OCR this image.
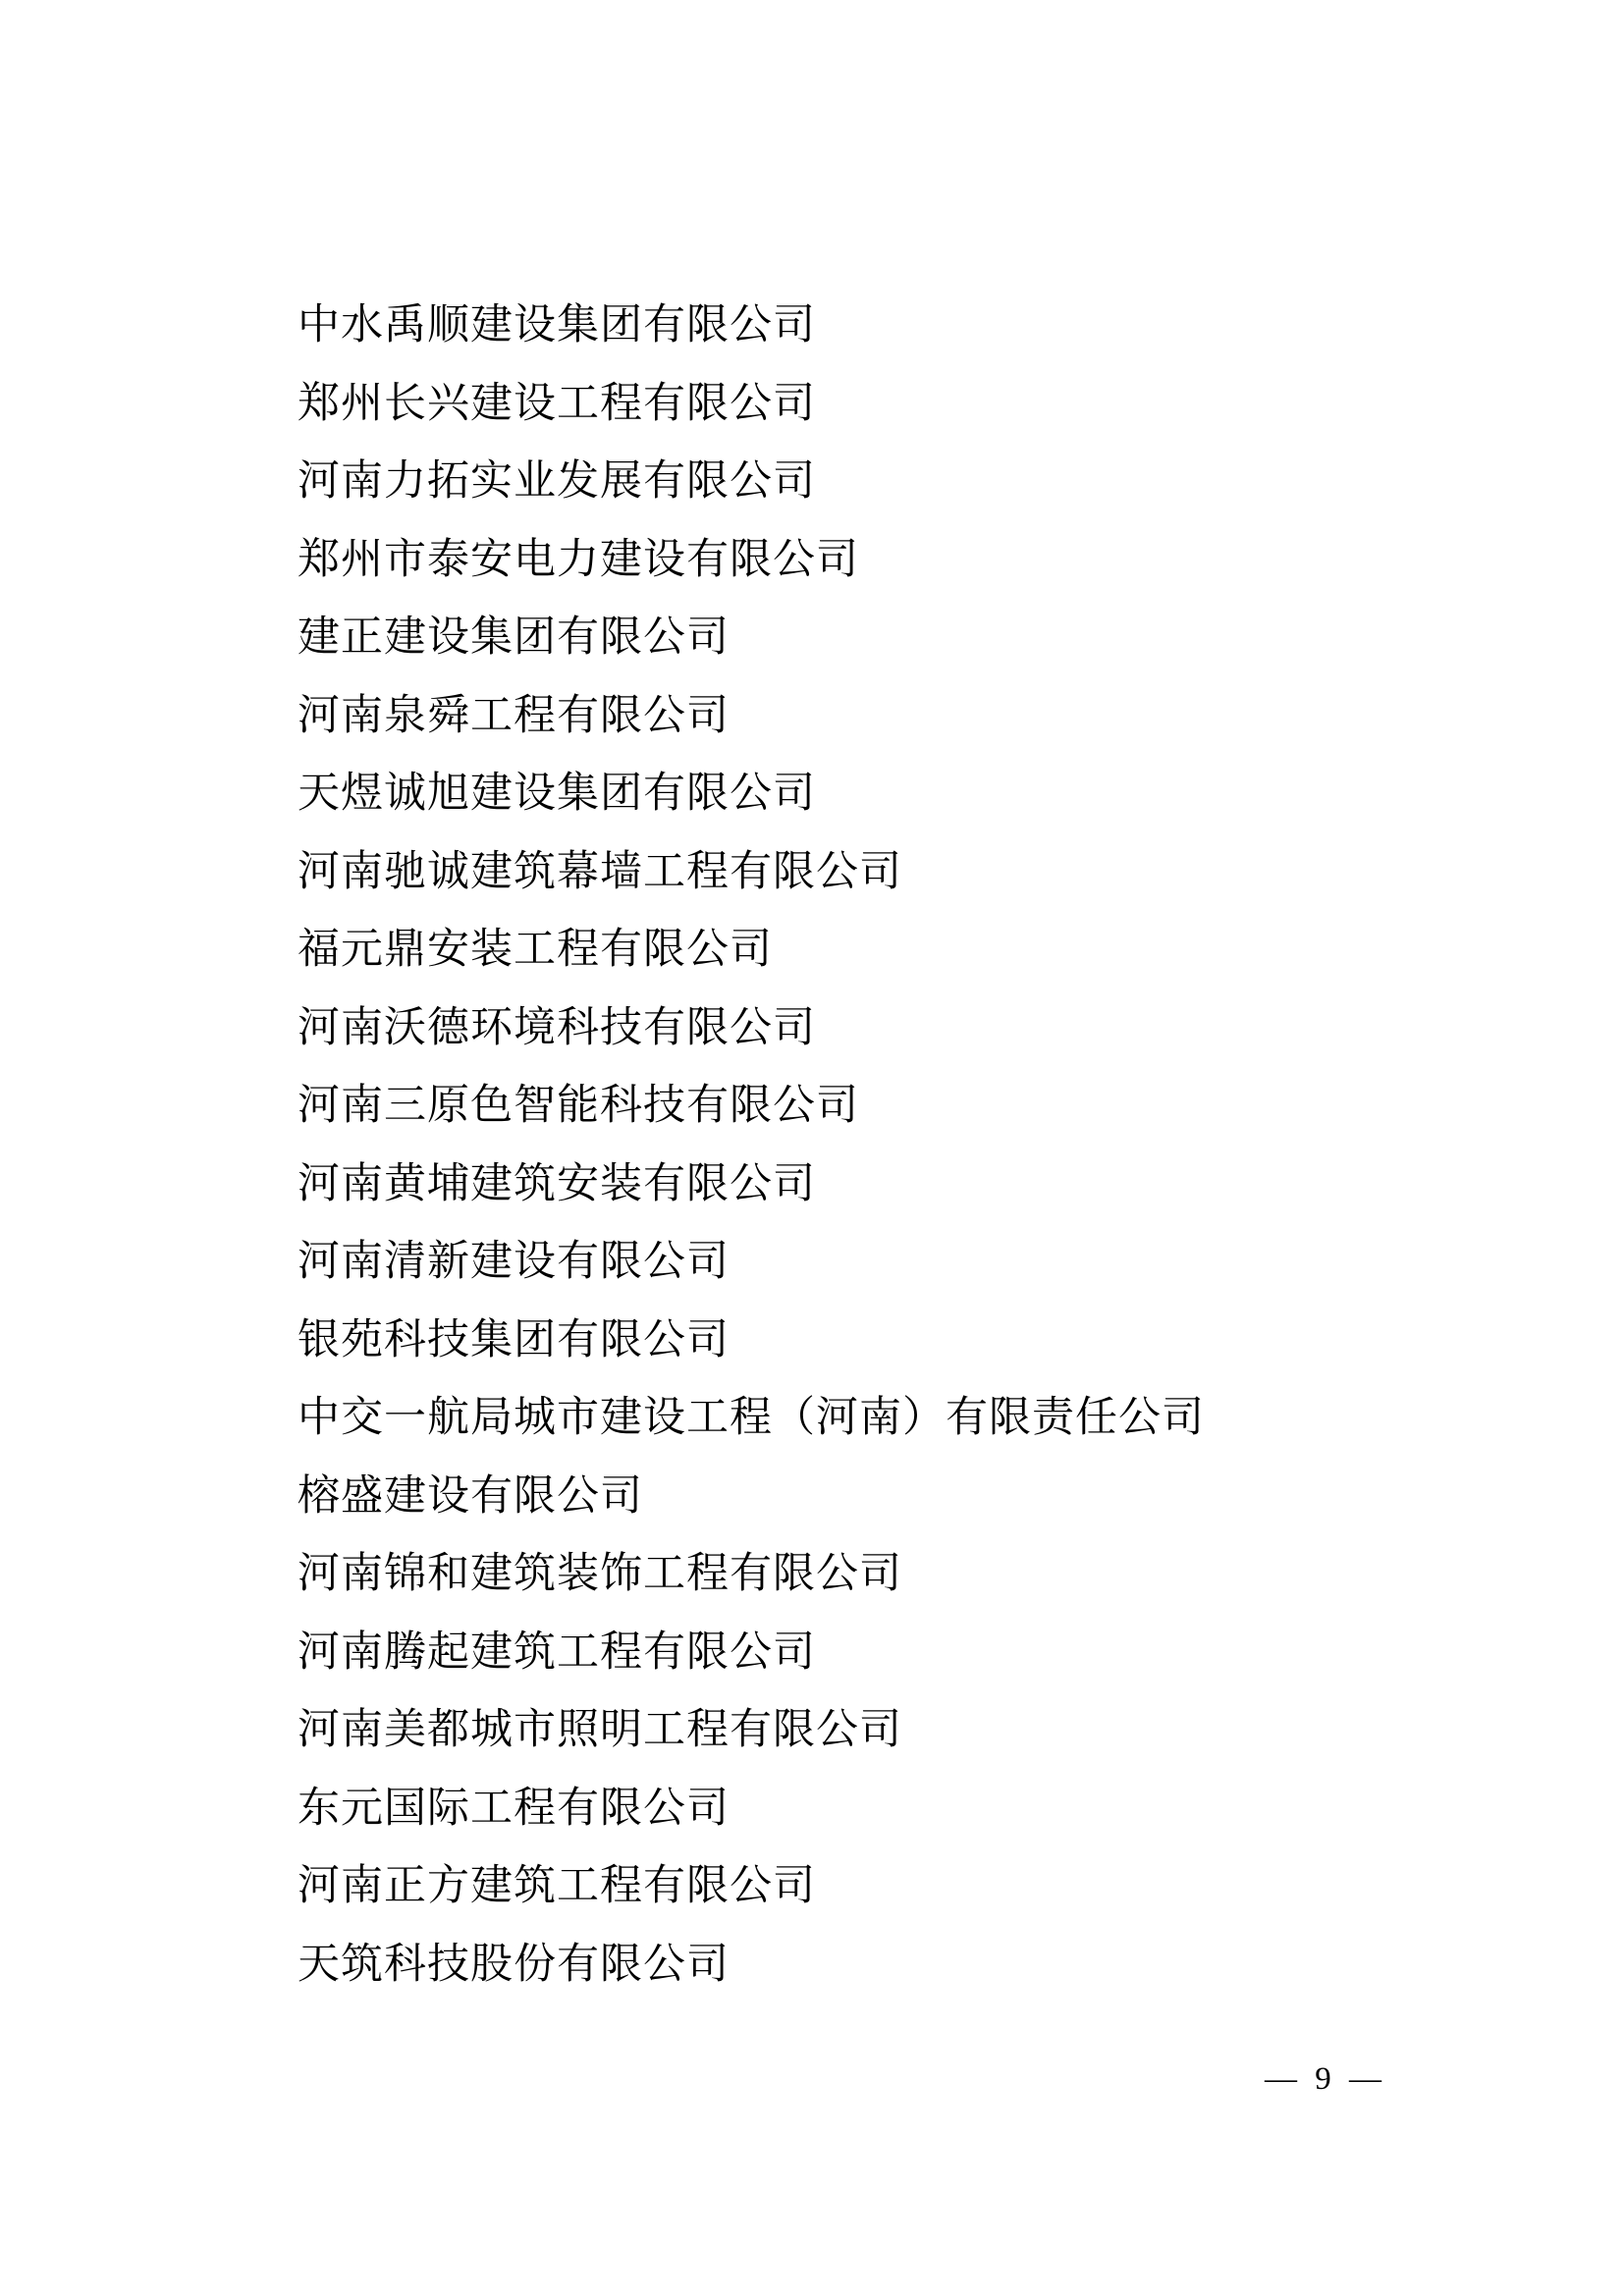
中水禹顺建设集团有限公司
郑州长兴建设工程有限公司
河南力拓实业发展有限公司
郑州市泰安电力建设有限公司
建正建设集团有限公司
河南泉舜工程有限公司
天煜诚旭建设集团有限公司
河南驰诚建筑幕墙工程有限公司
福元鼎安装工程有限公司
河南沃德环境科技有限公司
河南三原色智能科技有限公司
河南黄埔建筑安装有限公司
河南清新建设有限公司
银苑科技集团有限公司
中交一航局城市建设工程（河南）有限责任公司
榕盛建设有限公司
河南锦和建筑装饰工程有限公司
河南腾起建筑工程有限公司
河南美都城市照明工程有限公司
东元国际工程有限公司
河南正方建筑工程有限公司
天筑科技股份有限公司
— 9 —
